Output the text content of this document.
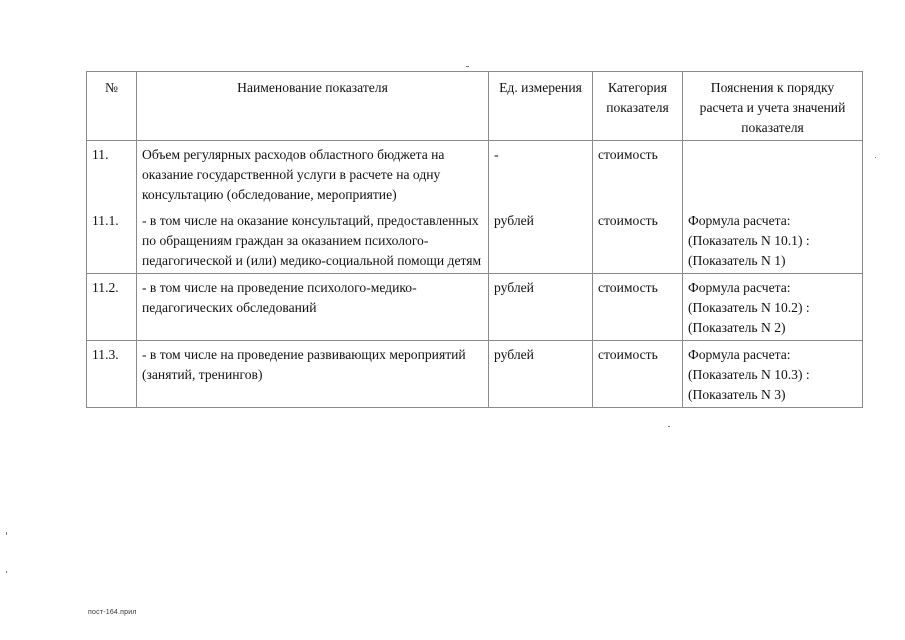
№	Наименование показателя	Ед. измерения	Категория показателя	Пояснения к порядку расчета и учета значений показателя
11.	Объем регулярных расходов областного бюджета на оказание государственной услуги в расчете на одну консультацию (обследование, мероприятие)	-	стоимость	

11.1.	- в том числе на оказание консультаций, предоставленных по обращениям граждан за оказанием психолого-педагогической и (или) медико-социальной помощи детям	рублей	стоимость	Формула расчета:
(Показатель N 10.1) :
(Показатель N 1)

11.2.	- в том числе на проведение психолого-медико-педагогических обследований	рублей	стоимость	Формула расчета:
(Показатель N 10.2) :
(Показатель N 2)

11.3.	- в том числе на проведение развивающих мероприятий (занятий, тренингов)	рублей	стоимость	Формула расчета:
(Показатель N 10.3) :
(Показатель N 3)
пост-164.прил
